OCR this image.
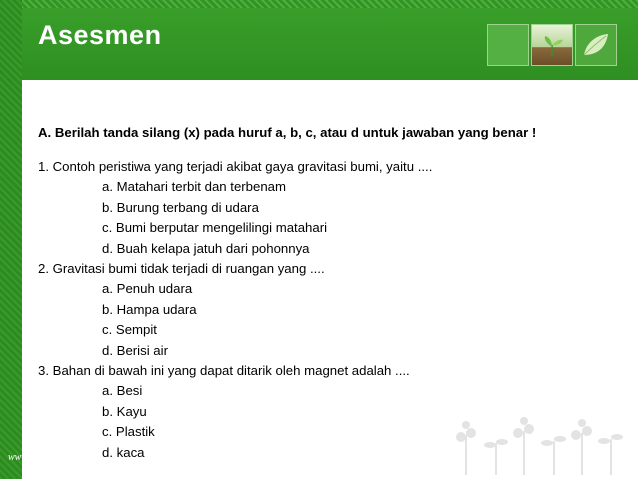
Asesmen
A. Berilah tanda silang (x) pada huruf a, b, c, atau d untuk jawaban yang benar !
1. Contoh peristiwa yang terjadi akibat gaya gravitasi bumi, yaitu ....
a. Matahari terbit dan terbenam
b. Burung terbang di udara
c. Bumi berputar mengelilingi matahari
d. Buah kelapa jatuh dari pohonnya
2. Gravitasi bumi tidak terjadi di ruangan yang ....
a. Penuh udara
b. Hampa udara
c. Sempit
d. Berisi air
3. Bahan di bawah ini yang dapat ditarik oleh magnet adalah ....
a. Besi
b. Kayu
c. Plastik
d. kaca
www.themegallery.com
